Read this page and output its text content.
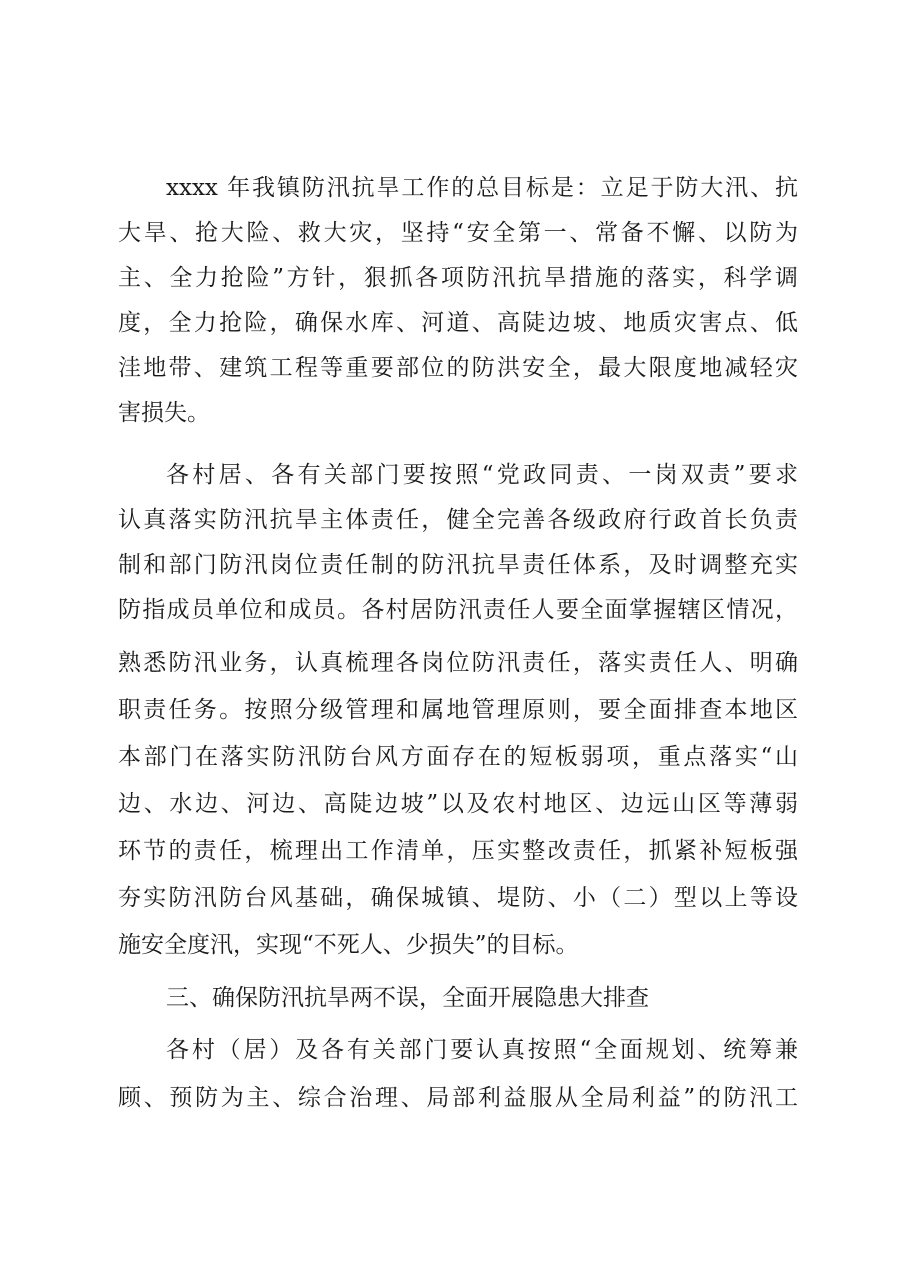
xxxx 年我镇防汛抗旱工作的总目标是：立足于防大汛、抗
大旱、抢大险、救大灾，坚持“安全第一、常备不懈、以防为
主、全力抢险”方针，狠抓各项防汛抗旱措施的落实，科学调
度，全力抢险，确保水库、河道、高陡边坡、地质灾害点、低
洼地带、建筑工程等重要部位的防洪安全，最大限度地减轻灾
害损失。
各村居、各有关部门要按照“党政同责、一岗双责”要求
认真落实防汛抗旱主体责任，健全完善各级政府行政首长负责
制和部门防汛岗位责任制的防汛抗旱责任体系，及时调整充实
防指成员单位和成员。各村居防汛责任人要全面掌握辖区情况，
熟悉防汛业务，认真梳理各岗位防汛责任，落实责任人、明确
职责任务。按照分级管理和属地管理原则，要全面排查本地区
本部门在落实防汛防台风方面存在的短板弱项，重点落实“山
边、水边、河边、高陡边坡”以及农村地区、边远山区等薄弱
环节的责任，梳理出工作清单，压实整改责任，抓紧补短板强
夯实防汛防台风基础，确保城镇、堤防、小（二）型以上等设
施安全度汛，实现“不死人、少损失”的目标。
三、确保防汛抗旱两不误，全面开展隐患大排查
各村（居）及各有关部门要认真按照“全面规划、统筹兼
顾、预防为主、综合治理、局部利益服从全局利益”的防汛工
